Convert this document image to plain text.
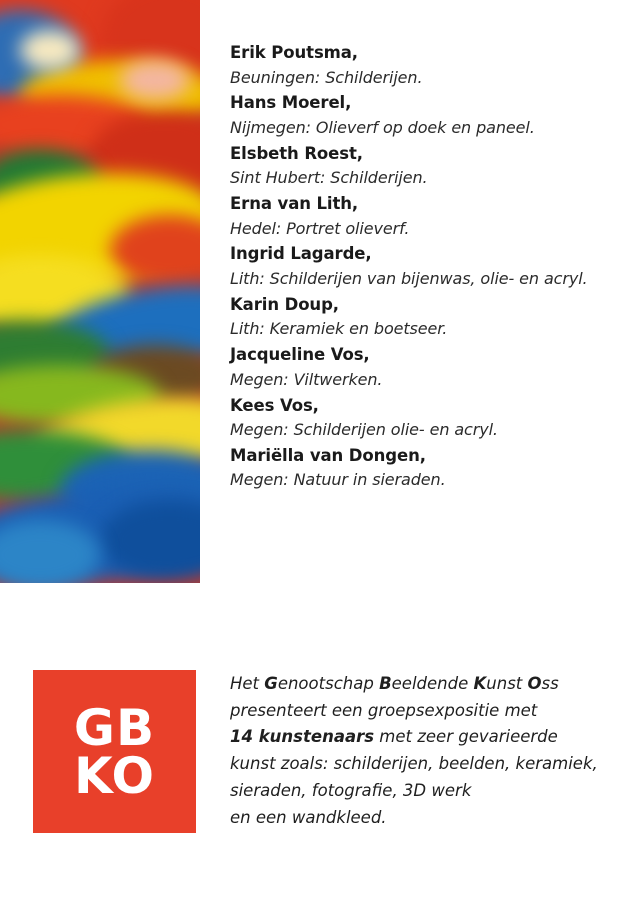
Erik Poutsma,
Beuningen: Schilderijen.
Hans Moerel,
Nijmegen: Olieverf op doek en paneel.
Elsbeth Roest,
Sint Hubert: Schilderijen.
Erna van Lith,
Hedel: Portret olieverf.
Ingrid Lagarde,
Lith: Schilderijen van bijenwas, olie- en acryl.
Karin Doup,
Lith: Keramiek en boetseer.
Jacqueline Vos,
Megen: Viltwerken.
Kees Vos,
Megen: Schilderijen olie- en acryl.
Mariëlla van Dongen,
Megen: Natuur in sieraden.
GB
KO
Het Genootschap Beeldende Kunst Oss
presenteert een groepsexpositie met
14 kunstenaars met zeer gevarieerde
kunst zoals: schilderijen, beelden, keramiek,
sieraden, fotografie, 3D werk
en een wandkleed.
